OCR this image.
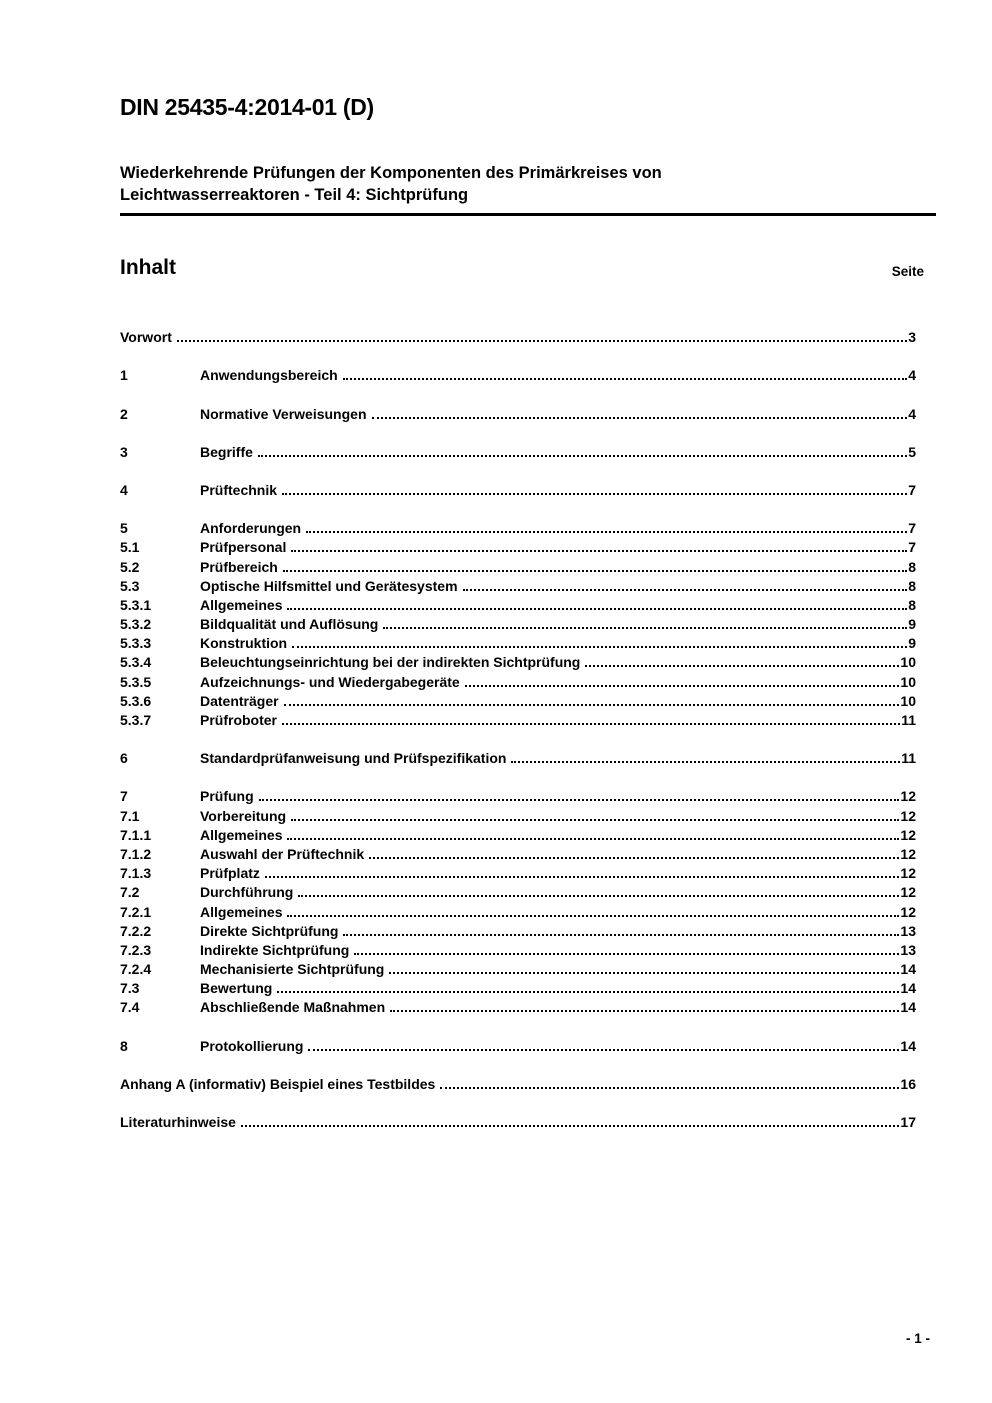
DIN 25435-4:2014-01 (D)
Wiederkehrende Prüfungen der Komponenten des Primärkreises von
Leichtwasserreaktoren - Teil 4: Sichtprüfung
Inhalt	Seite
Vorwort	3
1	Anwendungsbereich	4
2	Normative Verweisungen	4
3	Begriffe	5
4	Prüftechnik	7
5	Anforderungen	7
5.1	Prüfpersonal	7
5.2	Prüfbereich	8
5.3	Optische Hilfsmittel und Gerätesystem	8
5.3.1	Allgemeines	8
5.3.2	Bildqualität und Auflösung	9
5.3.3	Konstruktion	9
5.3.4	Beleuchtungseinrichtung bei der indirekten Sichtprüfung	10
5.3.5	Aufzeichnungs- und Wiedergabegeräte	10
5.3.6	Datenträger	10
5.3.7	Prüfroboter	11
6	Standardprüfanweisung und Prüfspezifikation	11
7	Prüfung	12
7.1	Vorbereitung	12
7.1.1	Allgemeines	12
7.1.2	Auswahl der Prüftechnik	12
7.1.3	Prüfplatz	12
7.2	Durchführung	12
7.2.1	Allgemeines	12
7.2.2	Direkte Sichtprüfung	13
7.2.3	Indirekte Sichtprüfung	13
7.2.4	Mechanisierte Sichtprüfung	14
7.3	Bewertung	14
7.4	Abschließende Maßnahmen	14
8	Protokollierung	14
Anhang A (informativ) Beispiel eines Testbildes	16
Literaturhinweise	17
- 1 -
